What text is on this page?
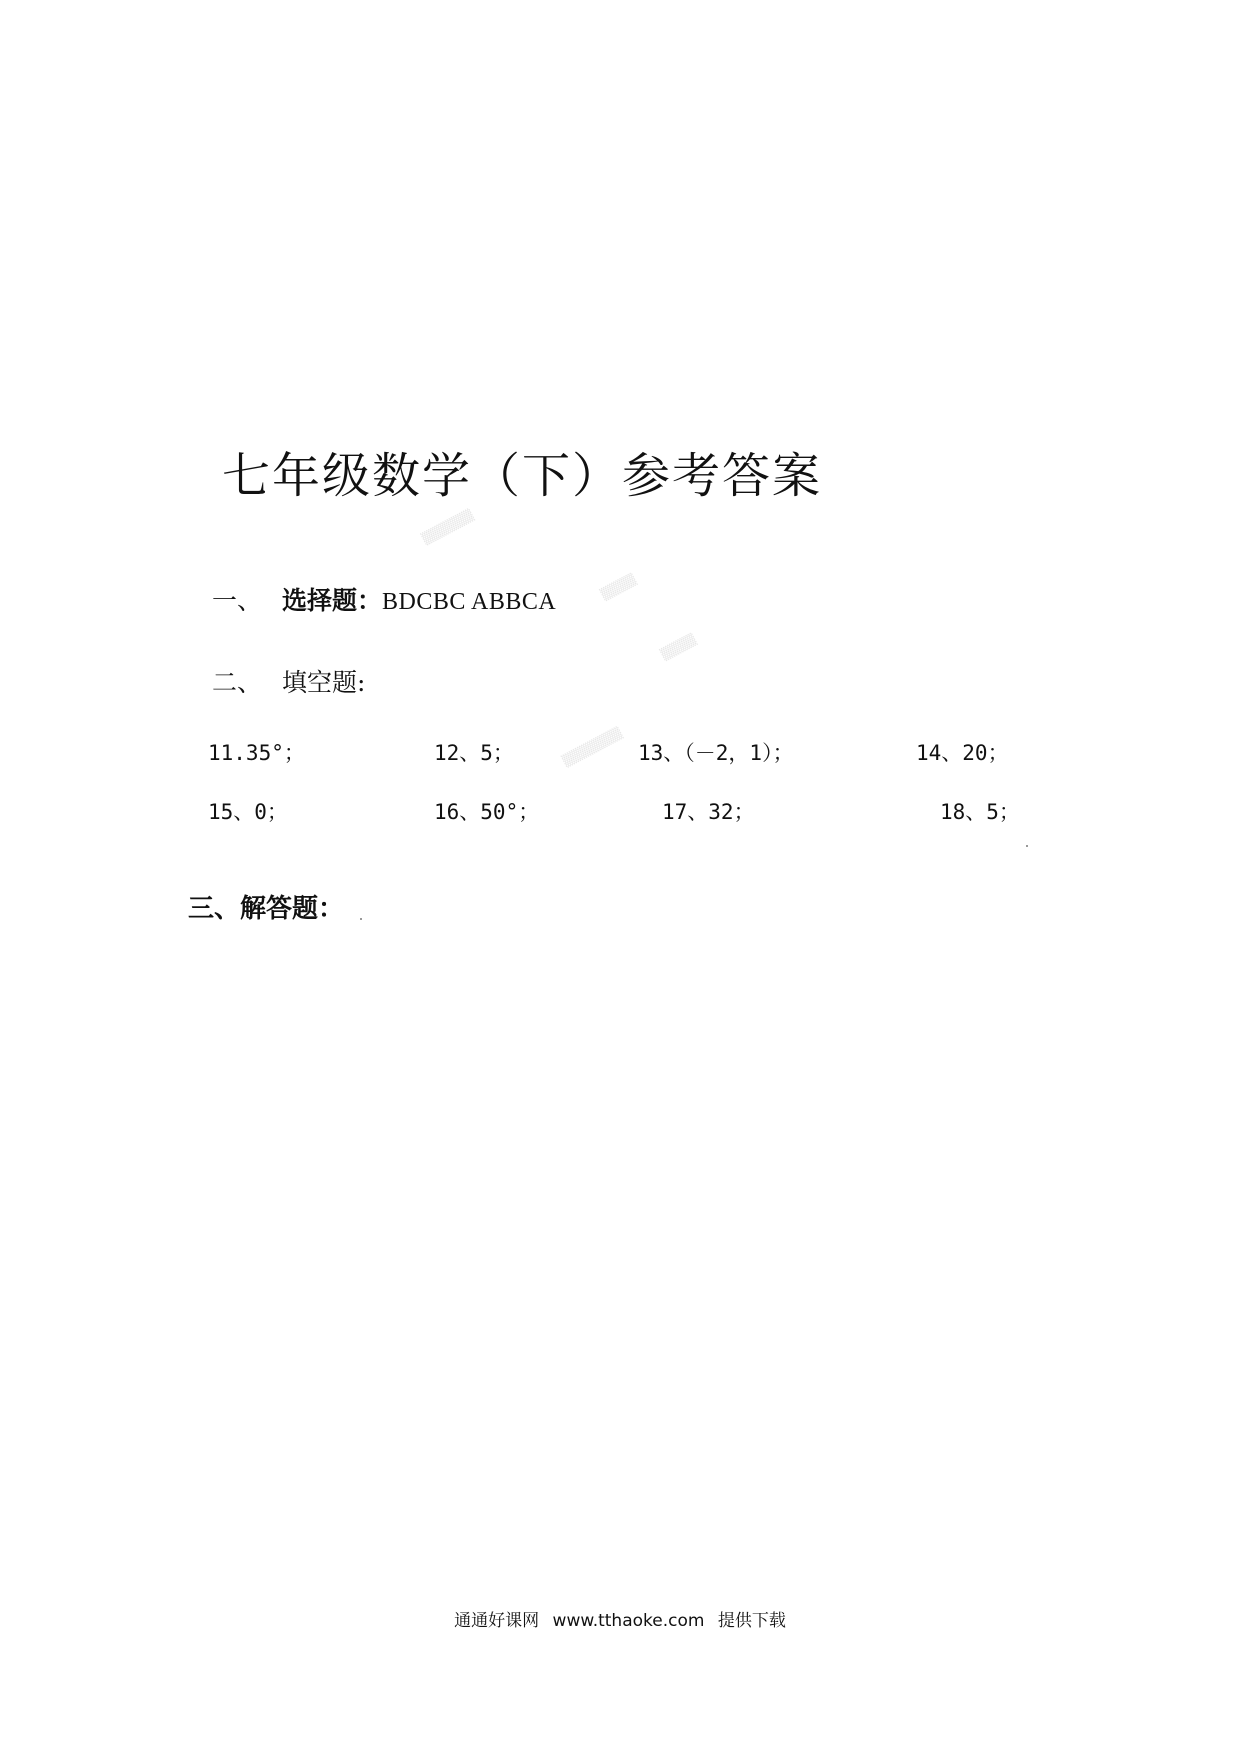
▒▒▒▒▒▒
▒▒▒▒
▒▒▒▒▒▒▒
▒▒▒▒
七年级数学（下）参考答案
一、 选择题：BDCBC ABBCA
二、 填空题:
11.35°；	12、5；	13、（－2，1）；	14、20；
15、0；	16、50°；	17、32；	18、5；
三、解答题：
通通好课网 www.tthaoke.com 提供下载
